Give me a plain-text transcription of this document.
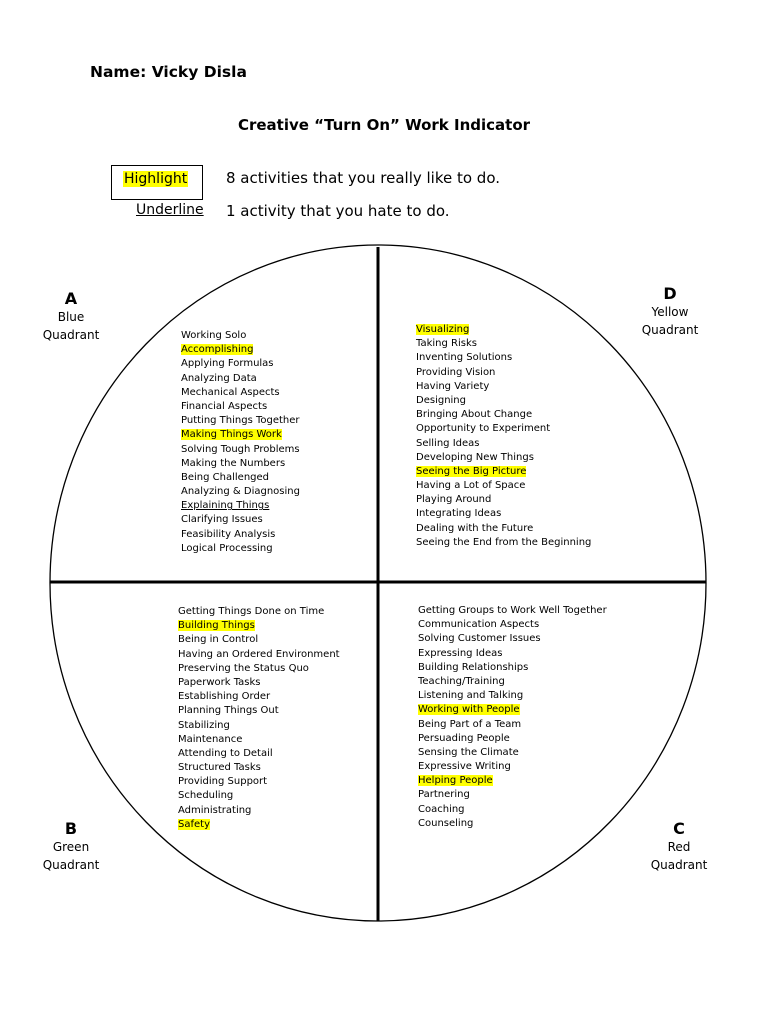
Name: Vicky Disla
Creative “Turn On” Work Indicator
Highlight	8 activities that you really like to do.
Underline 1 activity that you hate to do.
A
Blue Quadrant
D
Yellow Quadrant
B
Green Quadrant
C
Red Quadrant
Working Solo
Accomplishing
Applying Formulas
Analyzing Data
Mechanical Aspects
Financial Aspects
Putting Things Together
Making Things Work
Solving Tough Problems
Making the Numbers
Being Challenged
Analyzing & Diagnosing
Explaining Things
Clarifying Issues
Feasibility Analysis
Logical Processing
Visualizing
Taking Risks
Inventing Solutions
Providing Vision
Having Variety
Designing
Bringing About Change
Opportunity to Experiment
Selling Ideas
Developing New Things
Seeing the Big Picture
Having a Lot of Space
Playing Around
Integrating Ideas
Dealing with the Future
Seeing the End from the Beginning
Getting Things Done on Time
Building Things
Being in Control
Having an Ordered Environment
Preserving the Status Quo
Paperwork Tasks
Establishing Order
Planning Things Out
Stabilizing
Maintenance
Attending to Detail
Structured Tasks
Providing Support
Scheduling
Administrating
Safety
Getting Groups to Work Well Together
Communication Aspects
Solving Customer Issues
Expressing Ideas
Building Relationships
Teaching/Training
Listening and Talking
Working with People
Being Part of a Team
Persuading People
Sensing the Climate
Expressive Writing
Helping People
Partnering
Coaching
Counseling
